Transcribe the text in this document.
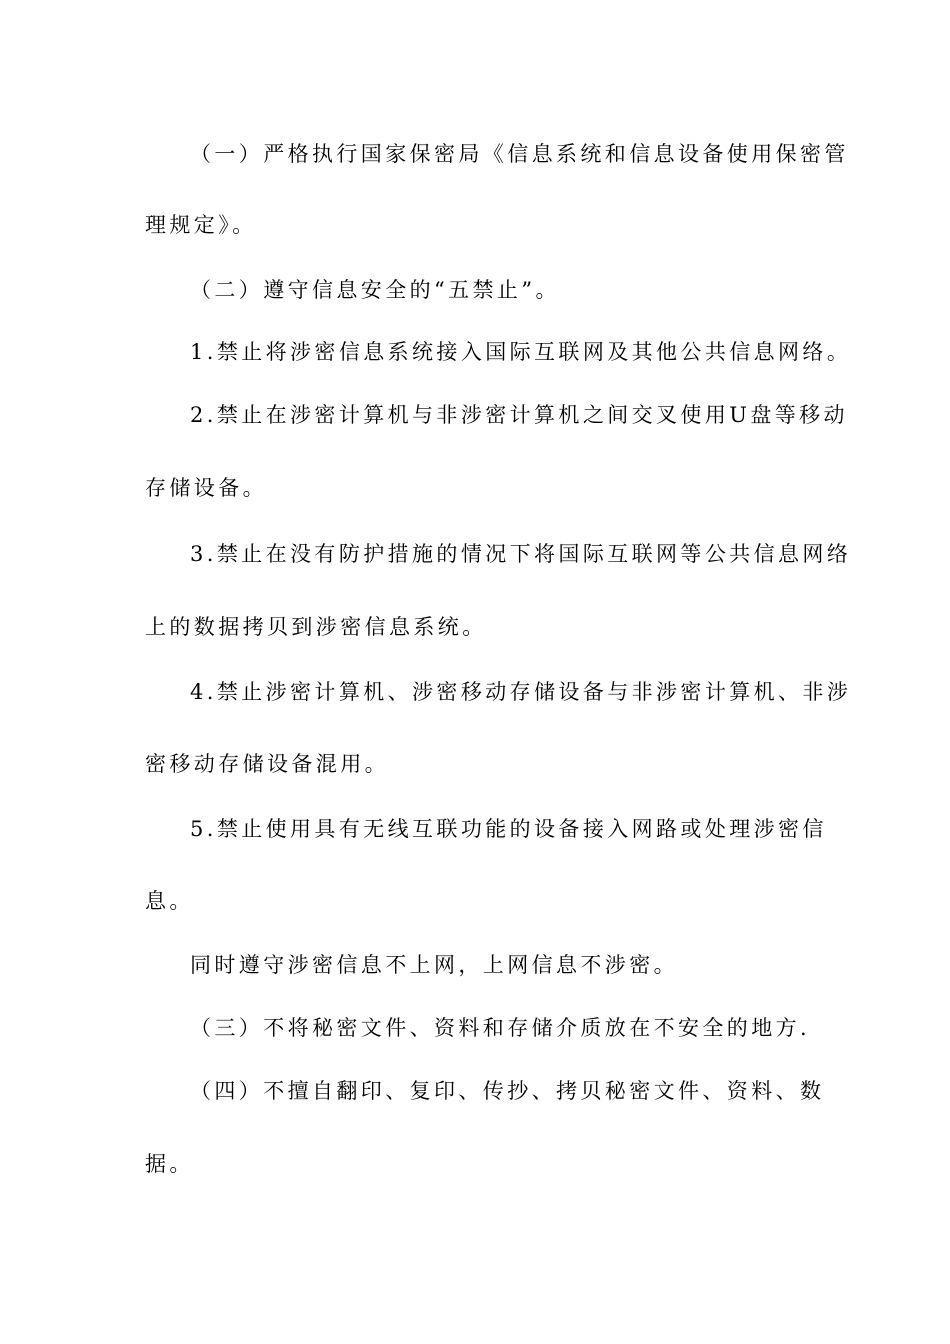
（一）严格执行国家保密局《信息系统和信息设备使用保密管
理规定》。
（二）遵守信息安全的“五禁止”。
1.禁止将涉密信息系统接入国际互联网及其他公共信息网络。
2.禁止在涉密计算机与非涉密计算机之间交叉使用U盘等移动
存储设备。
3.禁止在没有防护措施的情况下将国际互联网等公共信息网络
上的数据拷贝到涉密信息系统。
4.禁止涉密计算机、涉密移动存储设备与非涉密计算机、非涉
密移动存储设备混用。
5.禁止使用具有无线互联功能的设备接入网路或处理涉密信
息。
同时遵守涉密信息不上网，上网信息不涉密。
（三）不将秘密文件、资料和存储介质放在不安全的地方.
（四）不擅自翻印、复印、传抄、拷贝秘密文件、资料、数
据。
